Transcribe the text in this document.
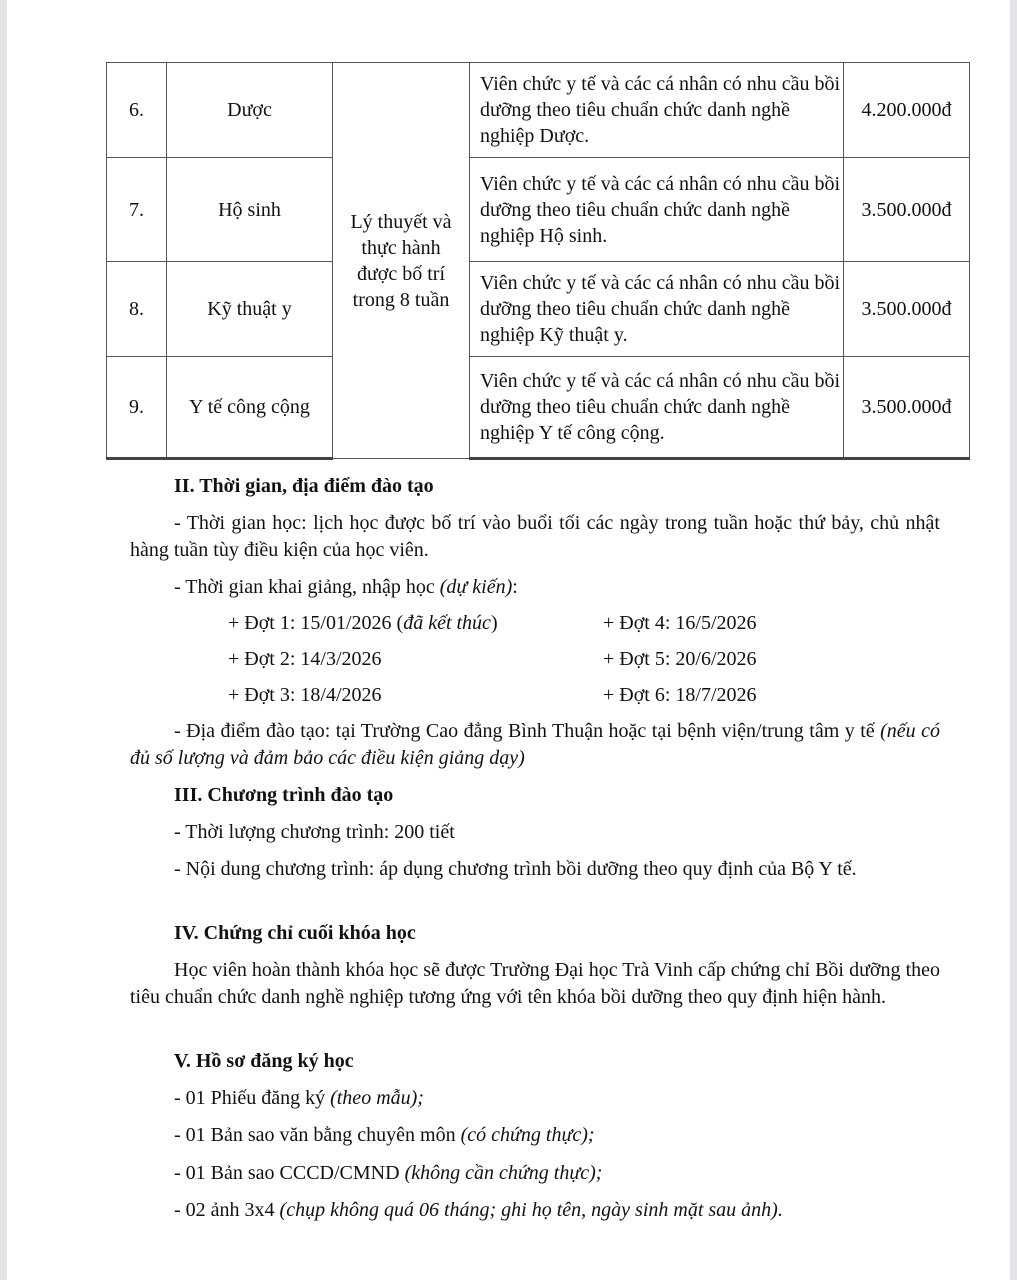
6.	Dược	Lý thuyết và
thực hành
được bố trí
trong 8 tuần	Viên chức y tế và các cá nhân có nhu cầu bồi dưỡng theo tiêu chuẩn chức danh nghề nghiệp Dược.	4.200.000đ
7.	Hộ sinh		Viên chức y tế và các cá nhân có nhu cầu bồi dưỡng theo tiêu chuẩn chức danh nghề nghiệp Hộ sinh.	3.500.000đ
8.	Kỹ thuật y		Viên chức y tế và các cá nhân có nhu cầu bồi dưỡng theo tiêu chuẩn chức danh nghề nghiệp Kỹ thuật y.	3.500.000đ
9.	Y tế công cộng		Viên chức y tế và các cá nhân có nhu cầu bồi dưỡng theo tiêu chuẩn chức danh nghề nghiệp Y tế công cộng.	3.500.000đ
II. Thời gian, địa điểm đào tạo
- Thời gian học: lịch học được bố trí vào buổi tối các ngày trong tuần hoặc thứ bảy, chủ nhật hàng tuần tùy điều kiện của học viên.
- Thời gian khai giảng, nhập học (dự kiến):
+ Đợt 1: 15/01/2026 (đã kết thúc)
+ Đợt 2: 14/3/2026
+ Đợt 3: 18/4/2026
+ Đợt 4: 16/5/2026
+ Đợt 5: 20/6/2026
+ Đợt 6: 18/7/2026
- Địa điểm đào tạo: tại Trường Cao đẳng Bình Thuận hoặc tại bệnh viện/trung tâm y tế (nếu có đủ số lượng và đảm bảo các điều kiện giảng dạy)
III. Chương trình đào tạo
- Thời lượng chương trình: 200 tiết
- Nội dung chương trình: áp dụng chương trình bồi dưỡng theo quy định của Bộ Y tế.
IV. Chứng chỉ cuối khóa học
Học viên hoàn thành khóa học sẽ được Trường Đại học Trà Vinh cấp chứng chỉ Bồi dưỡng theo tiêu chuẩn chức danh nghề nghiệp tương ứng với tên khóa bồi dưỡng theo quy định hiện hành.
V. Hồ sơ đăng ký học
- 01 Phiếu đăng ký (theo mẫu);
- 01 Bản sao văn bằng chuyên môn (có chứng thực);
- 01 Bản sao CCCD/CMND (không cần chứng thực);
- 02 ảnh 3x4 (chụp không quá 06 tháng; ghi họ tên, ngày sinh mặt sau ảnh).
